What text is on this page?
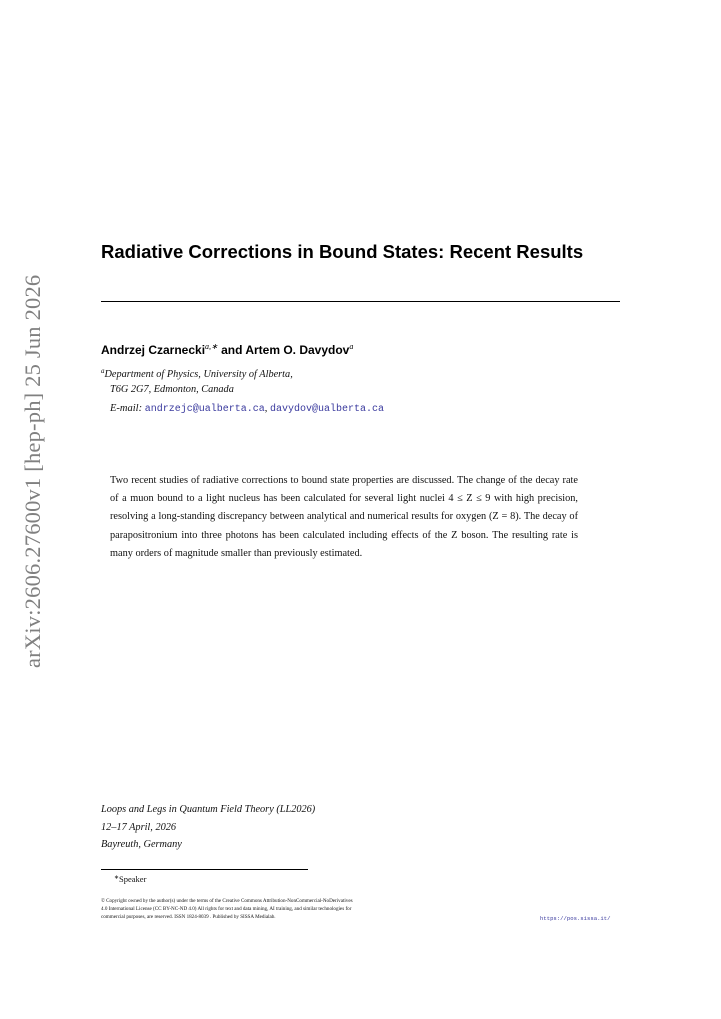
arXiv:2606.27600v1 [hep-ph] 25 Jun 2026
Radiative Corrections in Bound States: Recent Results
Andrzej Czarnecki$^{a,∗}$ and Artem O. Davydov$^a$
$^a$Department of Physics, University of Alberta,
T6G 2G7, Edmonton, Canada
E-mail: andrzejc@ualberta.ca, davydov@ualberta.ca

Two recent studies of radiative corrections to bound state properties are discussed. The change of the decay rate of a muon bound to a light nucleus has been calculated for several light nuclei 4 ≤ Z ≤ 9 with high precision, resolving a long-standing discrepancy between analytical and numerical results for oxygen (Z = 8). The decay of parapositronium into three photons has been calculated including effects of the Z boson. The resulting rate is many orders of magnitude smaller than previously estimated.

Loops and Legs in Quantum Field Theory (LL2026)
12–17 April, 2026
Bayreuth, Germany
∗Speaker
© Copyright owned by the author(s) under the terms of the Creative Commons Attribution-NonCommercial-NoDerivatives
4.0 International License (CC BY-NC-ND 4.0) All rights for text and data mining, AI training, and similar technologies for
commercial purposes, are reserved. ISSN 1824-8039 . Published by SISSA Medialab.	https://pos.sissa.it/
